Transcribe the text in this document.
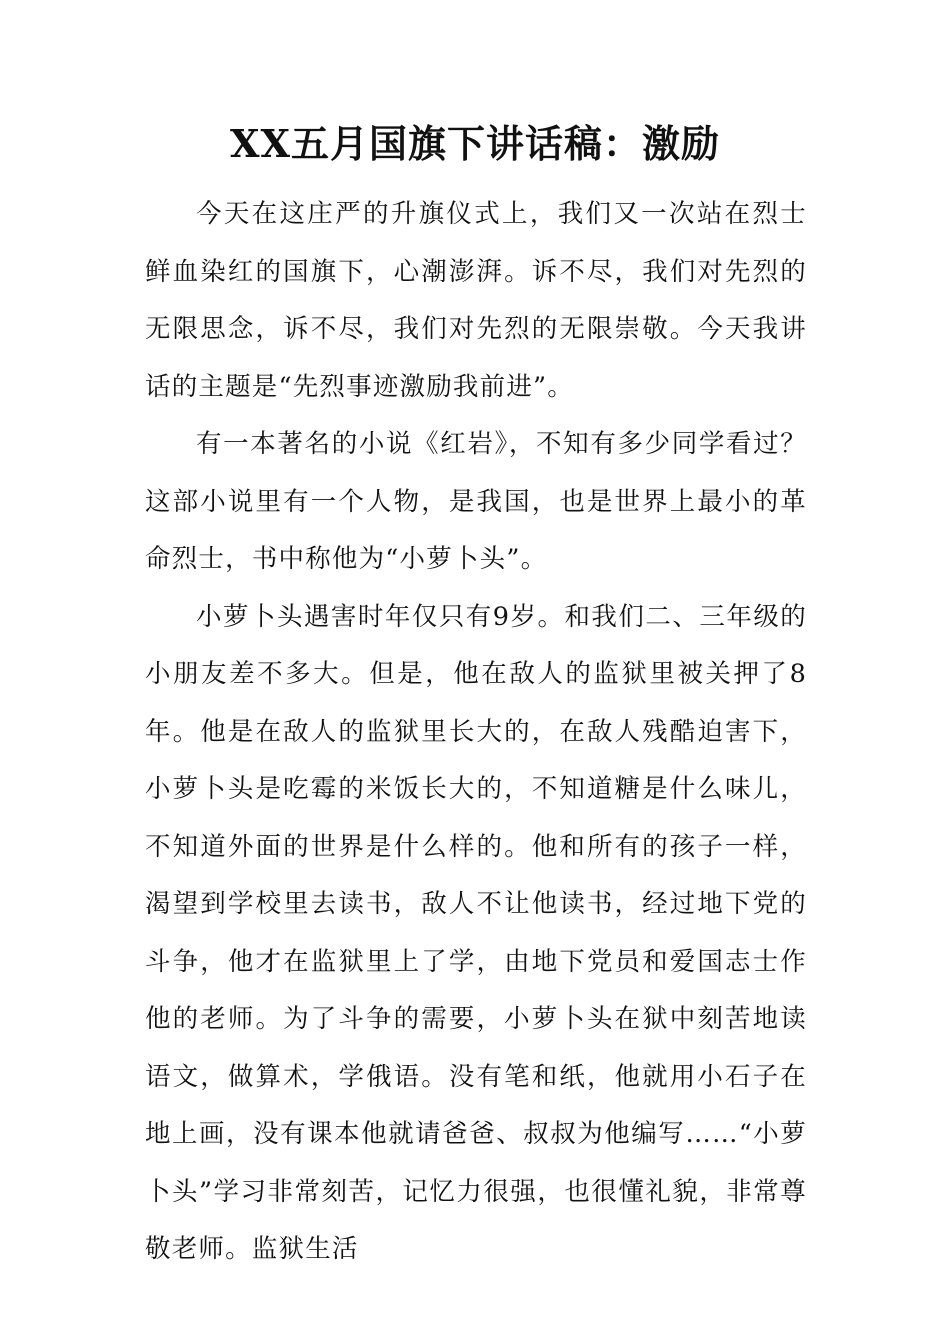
XX五月国旗下讲话稿：激励

今天在这庄严的升旗仪式上，我们又一次站在烈士鲜血染红的国旗下，心潮澎湃。诉不尽，我们对先烈的无限思念，诉不尽，我们对先烈的无限崇敬。今天我讲话的主题是“先烈事迹激励我前进”。

有一本著名的小说《红岩》，不知有多少同学看过？这部小说里有一个人物，是我国，也是世界上最小的革命烈士，书中称他为“小萝卜头”。

小萝卜头遇害时年仅只有9岁。和我们二、三年级的小朋友差不多大。但是，他在敌人的监狱里被关押了8年。他是在敌人的监狱里长大的，在敌人残酷迫害下，小萝卜头是吃霉的米饭长大的，不知道糖是什么味儿，不知道外面的世界是什么样的。他和所有的孩子一样，渴望到学校里去读书，敌人不让他读书，经过地下党的斗争，他才在监狱里上了学，由地下党员和爱国志士作他的老师。为了斗争的需要，小萝卜头在狱中刻苦地读语文，做算术，学俄语。没有笔和纸，他就用小石子在地上画，没有课本他就请爸爸、叔叔为他编写……“小萝卜头”学习非常刻苦，记忆力很强，也很懂礼貌，非常尊敬老师。监狱生活
